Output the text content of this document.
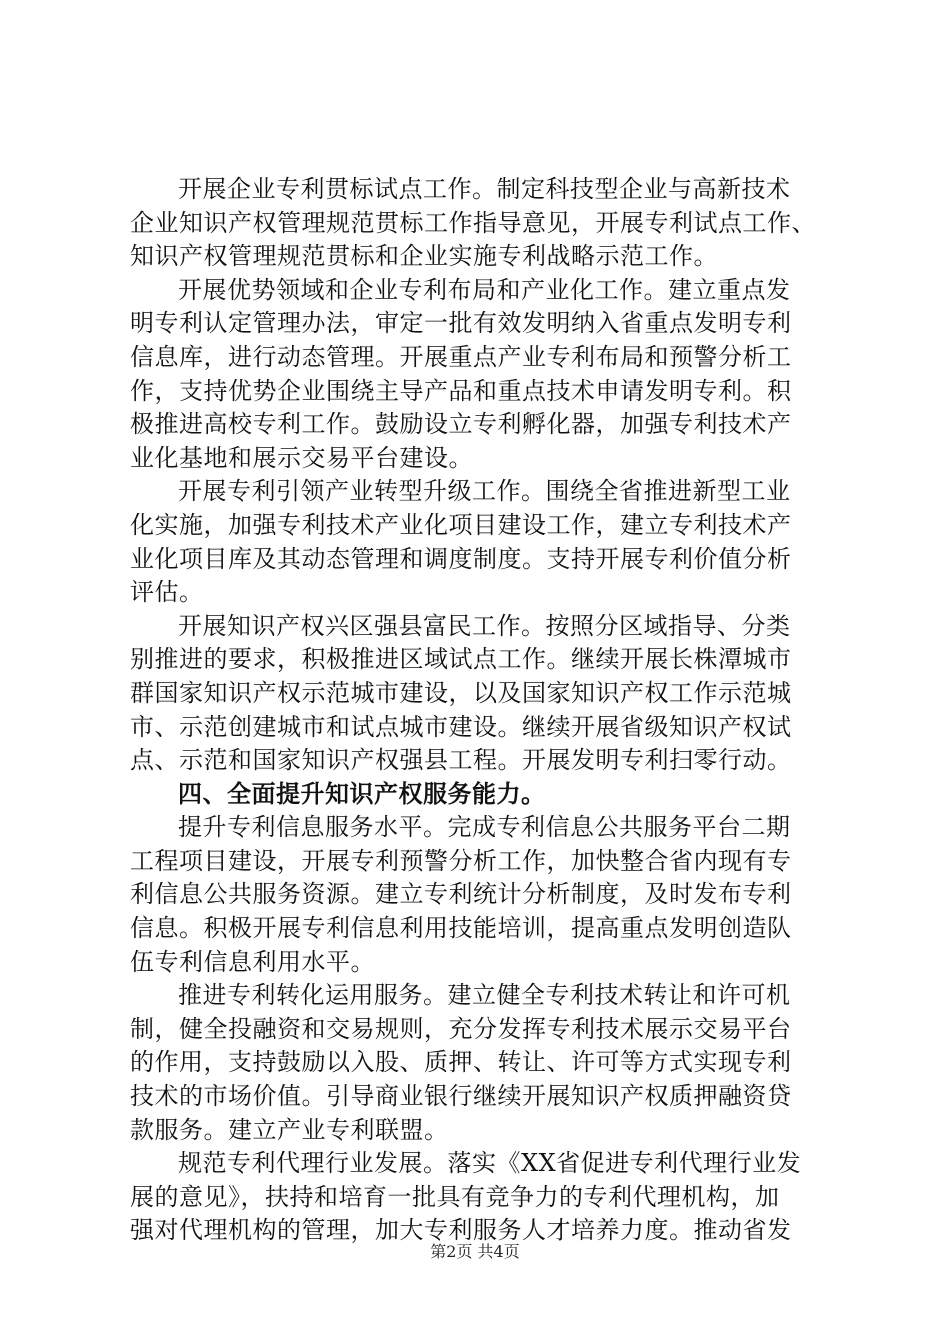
开展企业专利贯标试点工作。制定科技型企业与高新技术
企业知识产权管理规范贯标工作指导意见，开展专利试点工作、
知识产权管理规范贯标和企业实施专利战略示范工作。
开展优势领域和企业专利布局和产业化工作。建立重点发
明专利认定管理办法，审定一批有效发明纳入省重点发明专利
信息库，进行动态管理。开展重点产业专利布局和预警分析工
作，支持优势企业围绕主导产品和重点技术申请发明专利。积
极推进高校专利工作。鼓励设立专利孵化器，加强专利技术产
业化基地和展示交易平台建设。
开展专利引领产业转型升级工作。围绕全省推进新型工业
化实施，加强专利技术产业化项目建设工作，建立专利技术产
业化项目库及其动态管理和调度制度。支持开展专利价值分析
评估。
开展知识产权兴区强县富民工作。按照分区域指导、分类
别推进的要求，积极推进区域试点工作。继续开展长株潭城市
群国家知识产权示范城市建设，以及国家知识产权工作示范城
市、示范创建城市和试点城市建设。继续开展省级知识产权试
点、示范和国家知识产权强县工程。开展发明专利扫零行动。
四、全面提升知识产权服务能力。
提升专利信息服务水平。完成专利信息公共服务平台二期
工程项目建设，开展专利预警分析工作，加快整合省内现有专
利信息公共服务资源。建立专利统计分析制度，及时发布专利
信息。积极开展专利信息利用技能培训，提高重点发明创造队
伍专利信息利用水平。
推进专利转化运用服务。建立健全专利技术转让和许可机
制，健全投融资和交易规则，充分发挥专利技术展示交易平台
的作用，支持鼓励以入股、质押、转让、许可等方式实现专利
技术的市场价值。引导商业银行继续开展知识产权质押融资贷
款服务。建立产业专利联盟。
规范专利代理行业发展。落实《XX省促进专利代理行业发
展的意见》，扶持和培育一批具有竞争力的专利代理机构，加
强对代理机构的管理，加大专利服务人才培养力度。推动省发
第2页 共4页
